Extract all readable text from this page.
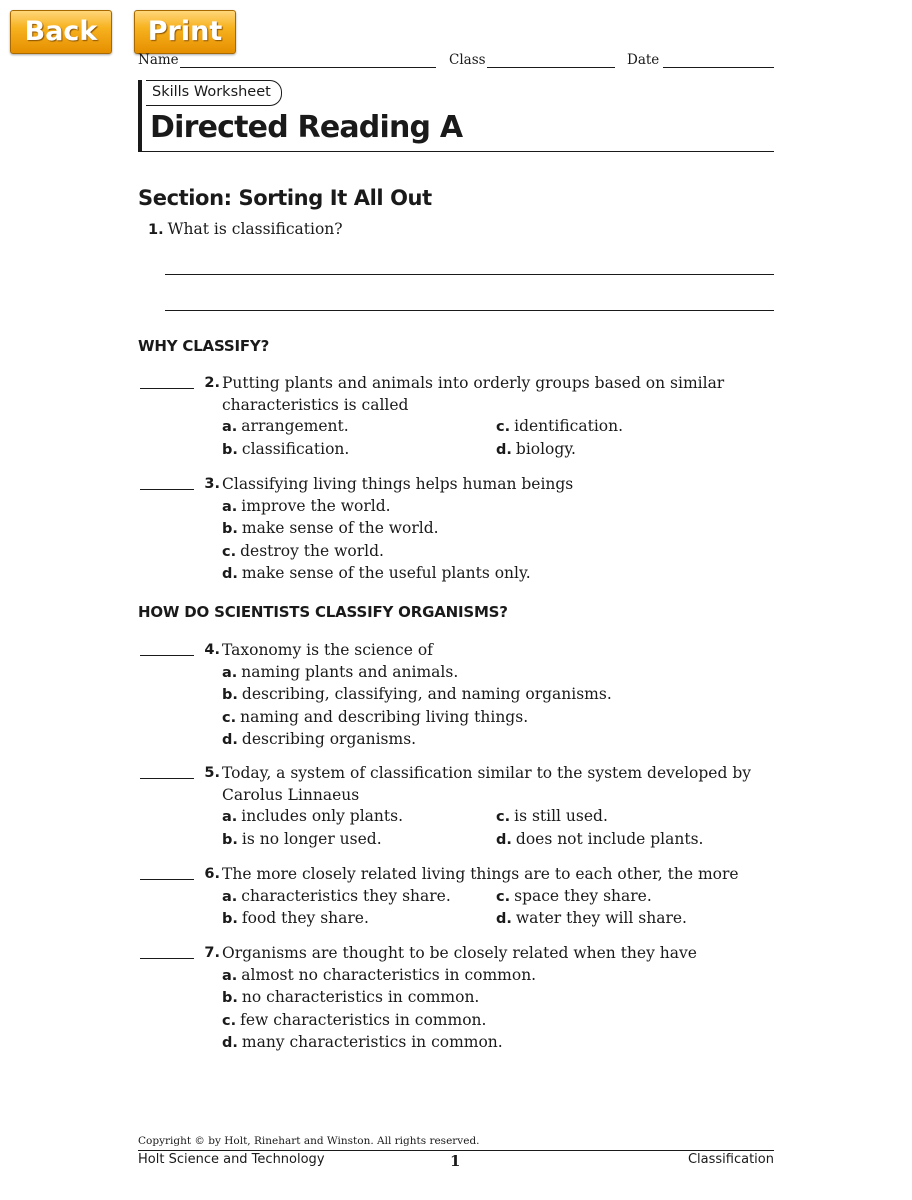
Back	Print
Name	Class	Date
Skills Worksheet
Directed Reading A
Section: Sorting It All Out
1. What is classification?
WHY CLASSIFY?
2. Putting plants and animals into orderly groups based on similar characteristics is called
a. arrangement.	c. identification.
b. classification.	d. biology.
3. Classifying living things helps human beings
a. improve the world.
b. make sense of the world.
c. destroy the world.
d. make sense of the useful plants only.
HOW DO SCIENTISTS CLASSIFY ORGANISMS?
4. Taxonomy is the science of
a. naming plants and animals.
b. describing, classifying, and naming organisms.
c. naming and describing living things.
d. describing organisms.
5. Today, a system of classification similar to the system developed by Carolus Linnaeus
a. includes only plants.	c. is still used.
b. is no longer used.	d. does not include plants.
6. The more closely related living things are to each other, the more
a. characteristics they share.	c. space they share.
b. food they share.	d. water they will share.
7. Organisms are thought to be closely related when they have
a. almost no characteristics in common.
b. no characteristics in common.
c. few characteristics in common.
d. many characteristics in common.
Copyright © by Holt, Rinehart and Winston. All rights reserved.
Holt Science and Technology	1	Classification
